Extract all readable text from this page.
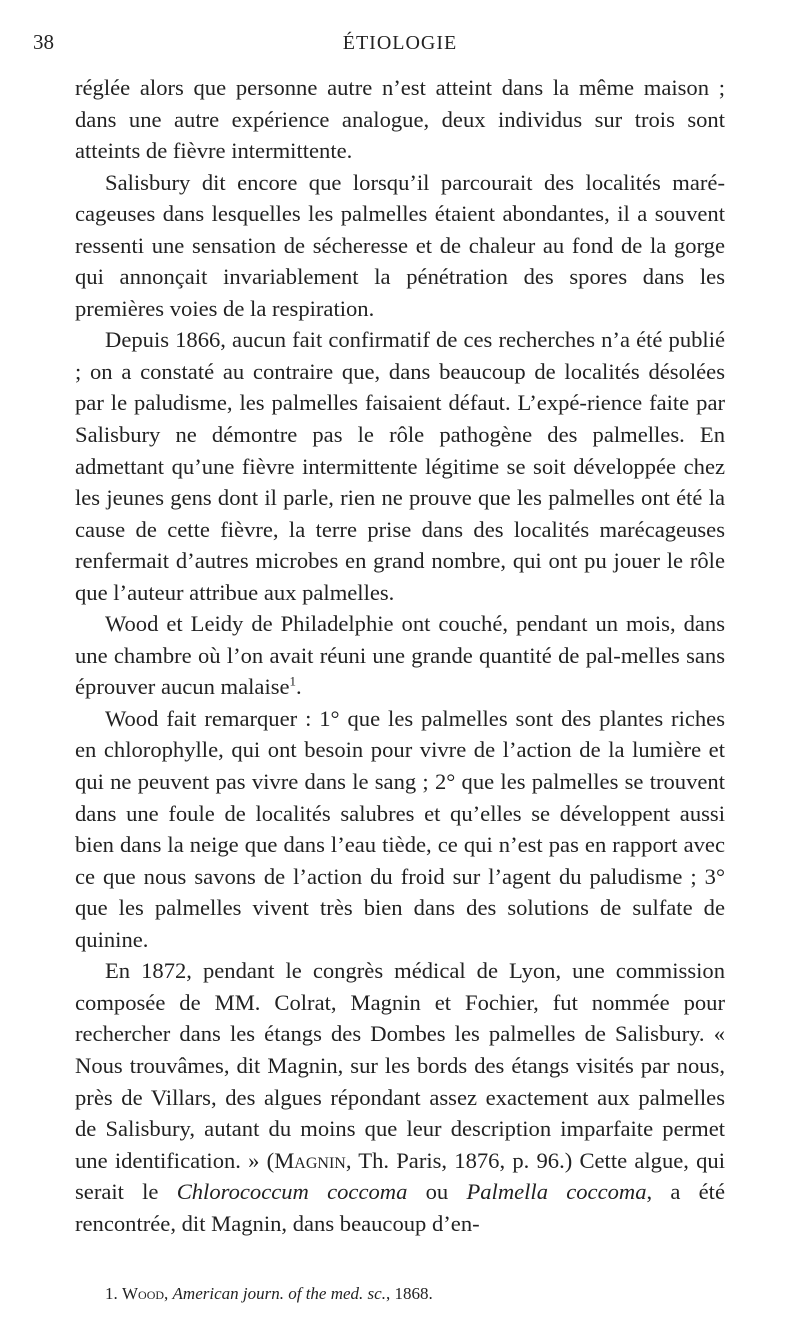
38	ÉTIOLOGIE

réglée alors que personne autre n’est atteint dans la même maison ; dans une autre expérience analogue, deux individus sur trois sont atteints de fièvre intermittente.

Salisbury dit encore que lorsqu’il parcourait des localités maré-cageuses dans lesquelles les palmelles étaient abondantes, il a souvent ressenti une sensation de sécheresse et de chaleur au fond de la gorge qui annonçait invariablement la pénétration des spores dans les premières voies de la respiration.

Depuis 1866, aucun fait confirmatif de ces recherches n’a été publié ; on a constaté au contraire que, dans beaucoup de localités désolées par le paludisme, les palmelles faisaient défaut. L’expé-rience faite par Salisbury ne démontre pas le rôle pathogène des palmelles. En admettant qu’une fièvre intermittente légitime se soit développée chez les jeunes gens dont il parle, rien ne prouve que les palmelles ont été la cause de cette fièvre, la terre prise dans des localités marécageuses renfermait d’autres microbes en grand nombre, qui ont pu jouer le rôle que l’auteur attribue aux palmelles.

Wood et Leidy de Philadelphie ont couché, pendant un mois, dans une chambre où l’on avait réuni une grande quantité de pal-melles sans éprouver aucun malaise$^1$.

Wood fait remarquer : 1° que les palmelles sont des plantes riches en chlorophylle, qui ont besoin pour vivre de l’action de la lumière et qui ne peuvent pas vivre dans le sang ; 2° que les palmelles se trouvent dans une foule de localités salubres et qu’elles se développent aussi bien dans la neige que dans l’eau tiède, ce qui n’est pas en rapport avec ce que nous savons de l’action du froid sur l’agent du paludisme ; 3° que les palmelles vivent très bien dans des solutions de sulfate de quinine.

En 1872, pendant le congrès médical de Lyon, une commission composée de MM. Colrat, Magnin et Fochier, fut nommée pour rechercher dans les étangs des Dombes les palmelles de Salisbury. « Nous trouvâmes, dit Magnin, sur les bords des étangs visités par nous, près de Villars, des algues répondant assez exactement aux palmelles de Salisbury, autant du moins que leur description imparfaite permet une identification. » (Magnin, Th. Paris, 1876, p. 96.) Cette algue, qui serait le Chlorococcum coccoma ou Palmella coccoma, a été rencontrée, dit Magnin, dans beaucoup d’en-

1. Wood, American journ. of the med. sc., 1868.
